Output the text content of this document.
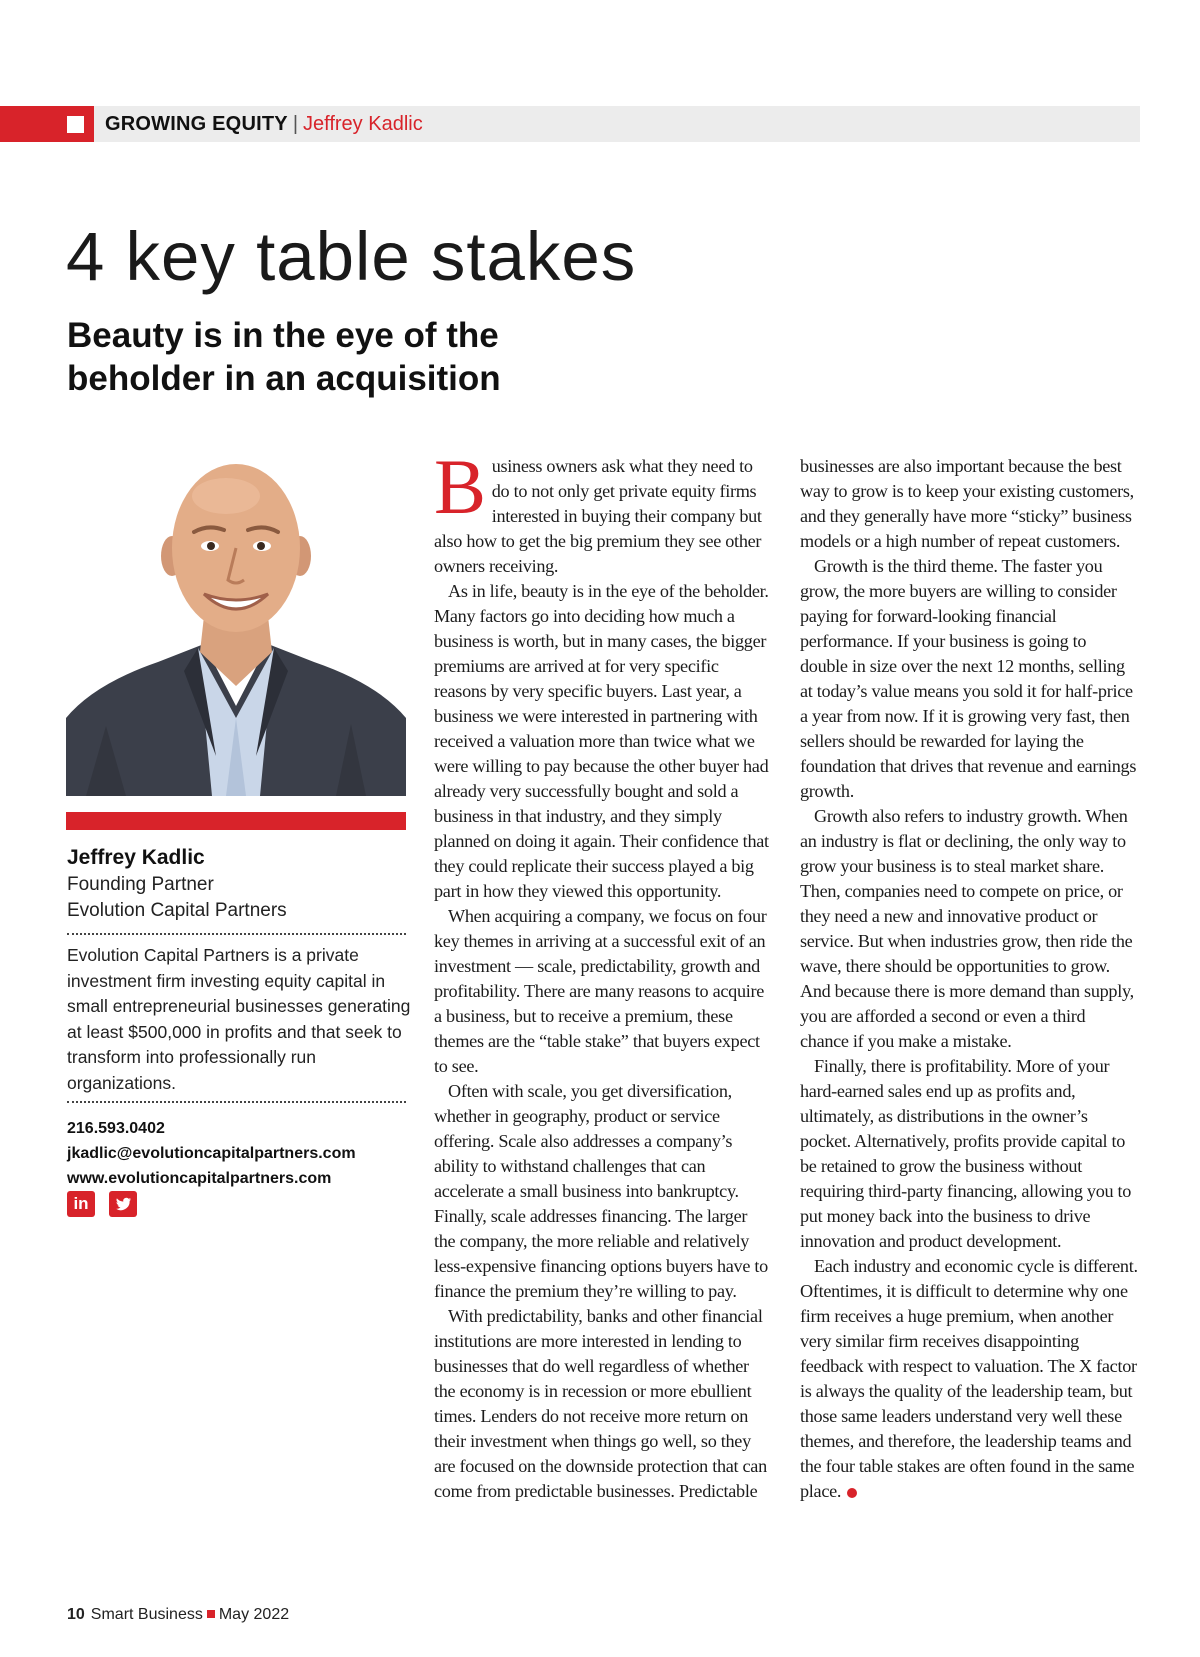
GROWING EQUITY | Jeffrey Kadlic
4 key table stakes
Beauty is in the eye of the beholder in an acquisition
Jeffrey Kadlic
Founding Partner
Evolution Capital Partners
Evolution Capital Partners is a private investment firm investing equity capital in small entrepreneurial businesses generating at least $500,000 in profits and that seek to transform into professionally run organizations.
216.593.0402
jkadlic@evolutioncapitalpartners.com
www.evolutioncapitalpartners.com
in

Business owners ask what they need to do to not only get private equity firms interested in buying their company but also how to get the big premium they see other owners receiving.

As in life, beauty is in the eye of the beholder. Many factors go into deciding how much a business is worth, but in many cases, the bigger premiums are arrived at for very specific reasons by very specific buyers. Last year, a business we were interested in partnering with received a valuation more than twice what we were willing to pay because the other buyer had already very successfully bought and sold a business in that industry, and they simply planned on doing it again. Their confidence that they could replicate their success played a big part in how they viewed this opportunity.

When acquiring a company, we focus on four key themes in arriving at a successful exit of an investment — scale, predictability, growth and profitability. There are many reasons to acquire a business, but to receive a premium, these themes are the “table stake” that buyers expect to see.

Often with scale, you get diversification, whether in geography, product or service offering. Scale also addresses a company’s ability to withstand challenges that can accelerate a small business into bankruptcy. Finally, scale addresses financing. The larger the company, the more reliable and relatively less-expensive financing options buyers have to finance the premium they’re willing to pay.

With predictability, banks and other financial institutions are more interested in lending to businesses that do well regardless of whether the economy is in recession or more ebullient times. Lenders do not receive more return on their investment when things go well, so they are focused on the downside protection that can come from predictable businesses. Predictable

businesses are also important because the best way to grow is to keep your existing customers, and they generally have more “sticky” business models or a high number of repeat customers.

Growth is the third theme. The faster you grow, the more buyers are willing to consider paying for forward-looking financial performance. If your business is going to double in size over the next 12 months, selling at today’s value means you sold it for half-price a year from now. If it is growing very fast, then sellers should be rewarded for laying the foundation that drives that revenue and earnings growth.

Growth also refers to industry growth. When an industry is flat or declining, the only way to grow your business is to steal market share. Then, companies need to compete on price, or they need a new and innovative product or service. But when industries grow, then ride the wave, there should be opportunities to grow. And because there is more demand than supply, you are afforded a second or even a third chance if you make a mistake.

Finally, there is profitability. More of your hard-earned sales end up as profits and, ultimately, as distributions in the owner’s pocket. Alternatively, profits provide capital to be retained to grow the business without requiring third-party financing, allowing you to put money back into the business to drive innovation and product development.

Each industry and economic cycle is different. Oftentimes, it is difficult to determine why one firm receives a huge premium, when another very similar firm receives disappointing feedback with respect to valuation. The X factor is always the quality of the leadership team, but those same leaders understand very well these themes, and therefore, the leadership teams and the four table stakes are often found in the same place.

10 Smart Business May 2022
